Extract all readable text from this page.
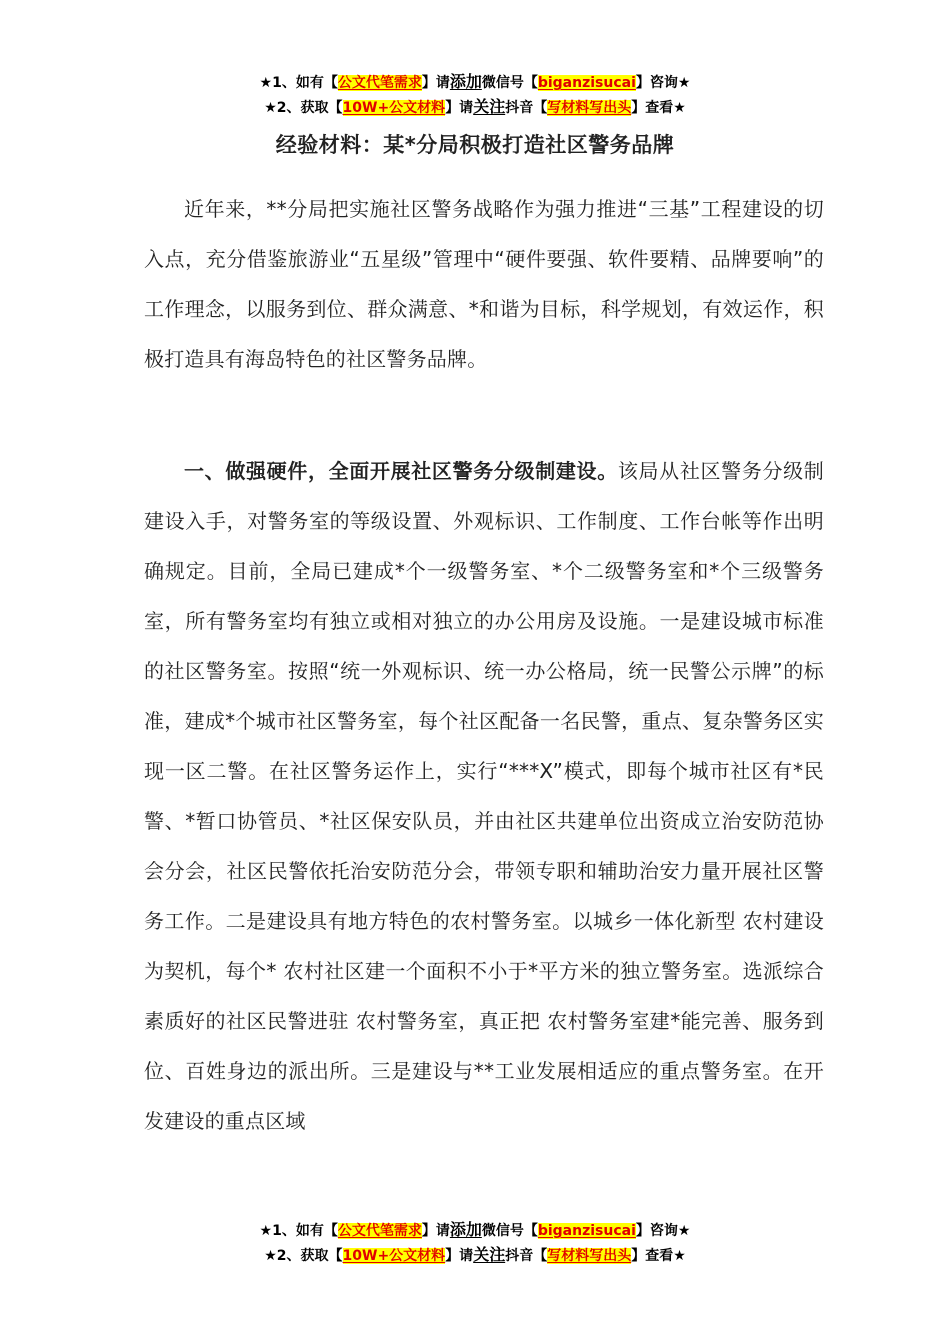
★1、如有【公文代笔需求】请添加微信号【biganzisucai】咨询★
★2、获取【10W+公文材料】请关注抖音【写材料写出头】查看★
经验材料：某*分局积极打造社区警务品牌

近年来，**分局把实施社区警务战略作为强力推进“三基”工程建设的切入点，充分借鉴旅游业“五星级”管理中“硬件要强、软件要精、品牌要响”的工作理念，以服务到位、群众满意、*和谐为目标，科学规划，有效运作，积极打造具有海岛特色的社区警务品牌。

一、做强硬件，全面开展社区警务分级制建设。该局从社区警务分级制建设入手，对警务室的等级设置、外观标识、工作制度、工作台帐等作出明确规定。目前，全局已建成*个一级警务室、*个二级警务室和*个三级警务室，所有警务室均有独立或相对独立的办公用房及设施。一是建设城市标准的社区警务室。按照“统一外观标识、统一办公格局，统一民警公示牌”的标准，建成*个城市社区警务室，每个社区配备一名民警，重点、复杂警务区实现一区二警。在社区警务运作上，实行“***X”模式，即每个城市社区有*民警、*暂口协管员、*社区保安队员，并由社区共建单位出资成立治安防范协会分会，社区民警依托治安防范分会，带领专职和辅助治安力量开展社区警务工作。二是建设具有地方特色的农村警务室。以城乡一体化新型 农村建设为契机，每个* 农村社区建一个面积不小于*平方米的独立警务室。选派综合素质好的社区民警进驻 农村警务室，真正把 农村警务室建*能完善、服务到位、百姓身边的派出所。三是建设与**工业发展相适应的重点警务室。在开发建设的重点区域

★1、如有【公文代笔需求】请添加微信号【biganzisucai】咨询★
★2、获取【10W+公文材料】请关注抖音【写材料写出头】查看★
